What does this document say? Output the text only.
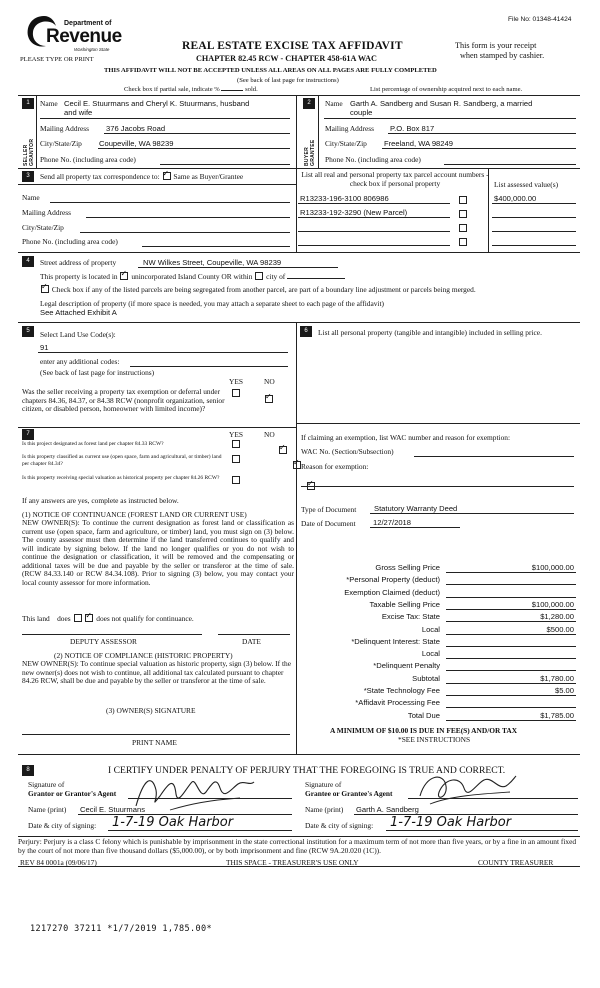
Department of
Revenue
Washington State
File No: 01348-41424
PLEASE TYPE OR PRINT
REAL ESTATE EXCISE TAX AFFIDAVIT
CHAPTER 82.45 RCW - CHAPTER 458-61A WAC
(See back of last page for instructions)
This form is your receipt
when stamped by cashier.
THIS AFFIDAVIT WILL NOT BE ACCEPTED UNLESS ALL AREAS ON ALL PAGES ARE FULLY COMPLETED
Check box if partial sale, indicate %	sold.	List percentage of ownership acquired next to each name.
1
SELLER GRANTOR
Name Cecil E. Stuurmans and Cheryl K. Stuurmans, husband
and wife
Mailing Address 376 Jacobs Road
City/State/Zip Coupeville, WA 98239
Phone No. (including area code)
2
BUYER GRANTEE
Name Garth A. Sandberg and Susan R. Sandberg, a married
couple
Mailing Address P.O. Box 817
City/State/Zip Freeland, WA 98249
Phone No. (including area code)
3	Send all property tax correspondence to: ✓ Same as Buyer/Grantee
Name
Mailing Address
City/State/Zip
Phone No. (including area code)
List all real and personal property tax parcel account numbers - check box if personal property	List assessed value(s)
R13233-196-3100 806986	$400,000.00
R13233-192-3290 (New Parcel)
4	Street address of property	NW Wilkes Street, Coupeville, WA 98239
This property is located in ✓ unincorporated Island County OR within city of
✓ Check box if any of the listed parcels are being segregated from another parcel, are part of a boundary line adjustment or parcels being merged.
Legal description of property (if more space is needed, you may attach a separate sheet to each page of the affidavit)
See Attached Exhibit A
5	Select Land Use Code(s):
91
enter any additional codes:
(See back of last page for instructions)
YES	NO
Was the seller receiving a property tax exemption or deferral under chapters 84.36, 84.37, or 84.38 RCW (nonprofit organization, senior citizen, or disabled person, homeowner with limited income)?
✓
7	YES	NO
Is this project designated as forest land per chapter 84.33 RCW?
✓
Is this property classified as current use (open space, farm and agricultural, or timber) land per chapter 84.34?
✓
Is this property receiving special valuation as historical property per chapter 84.26 RCW?
✓
If any answers are yes, complete as instructed below.
(1) NOTICE OF CONTINUANCE (FOREST LAND OR CURRENT USE)
NEW OWNER(S): To continue the current designation as forest land or classification as current use (open space, farm and agriculture, or timber) land, you must sign on (3) below. The county assessor must then determine if the land transferred continues to qualify and will indicate by signing below. If the land no longer qualifies or you do not wish to continue the designation or classification, it will be removed and the compensating or additional taxes will be due and payable by the seller or transferor at the time of sale. (RCW 84.33.140 or RCW 84.34.108). Prior to signing (3) below, you may contact your local county assessor for more information.
This land does ✓	does not qualify for continuance.
DEPUTY ASSESSOR	DATE
(2) NOTICE OF COMPLIANCE (HISTORIC PROPERTY)
NEW OWNER(S): To continue special valuation as historic property, sign (3) below. If the new owner(s) does not wish to continue, all additional tax calculated pursuant to chapter 84.26 RCW, shall be due and payable by the seller or transferor at the time of sale.
(3) OWNER(S) SIGNATURE
PRINT NAME
6	List all personal property (tangible and intangible) included in selling price.
If claiming an exemption, list WAC number and reason for exemption:
WAC No. (Section/Subsection)
Reason for exemption:
Type of Document Statutory Warranty Deed
Date of Document 12/27/2018
Gross Selling Price	$100,000.00
*Personal Property (deduct)
Exemption Claimed (deduct)
Taxable Selling Price	$100,000.00
Excise Tax: State	$1,280.00
Local	$500.00
*Delinquent Interest: State
Local
*Delinquent Penalty
Subtotal	$1,780.00
*State Technology Fee	$5.00
*Affidavit Processing Fee
Total Due	$1,785.00
A MINIMUM OF $10.00 IS DUE IN FEE(S) AND/OR TAX
*SEE INSTRUCTIONS
8	I CERTIFY UNDER PENALTY OF PERJURY THAT THE FOREGOING IS TRUE AND CORRECT.
Signature of
Grantor or Grantor's Agent
Name (print) Cecil E. Stuurmans
Date & city of signing:
Signature of
Grantee or Grantee's Agent
Name (print) Garth A. Sandberg
Date & city of signing:
1-7-19 Oak Harbor	1-7-19 Oak Harbor
Perjury: Perjury is a class C felony which is punishable by imprisonment in the state correctional institution for a maximum term of not more than five years, or by a fine in an amount fixed by the court of not more than five thousand dollars ($5,000.00), or by both imprisonment and fine (RCW 9A.20.020 (1C)).
REV 84 0001a (09/06/17)	THIS SPACE - TREASURER'S USE ONLY	COUNTY TREASURER
1217270 37211 *1/7/2019 1,785.00*
